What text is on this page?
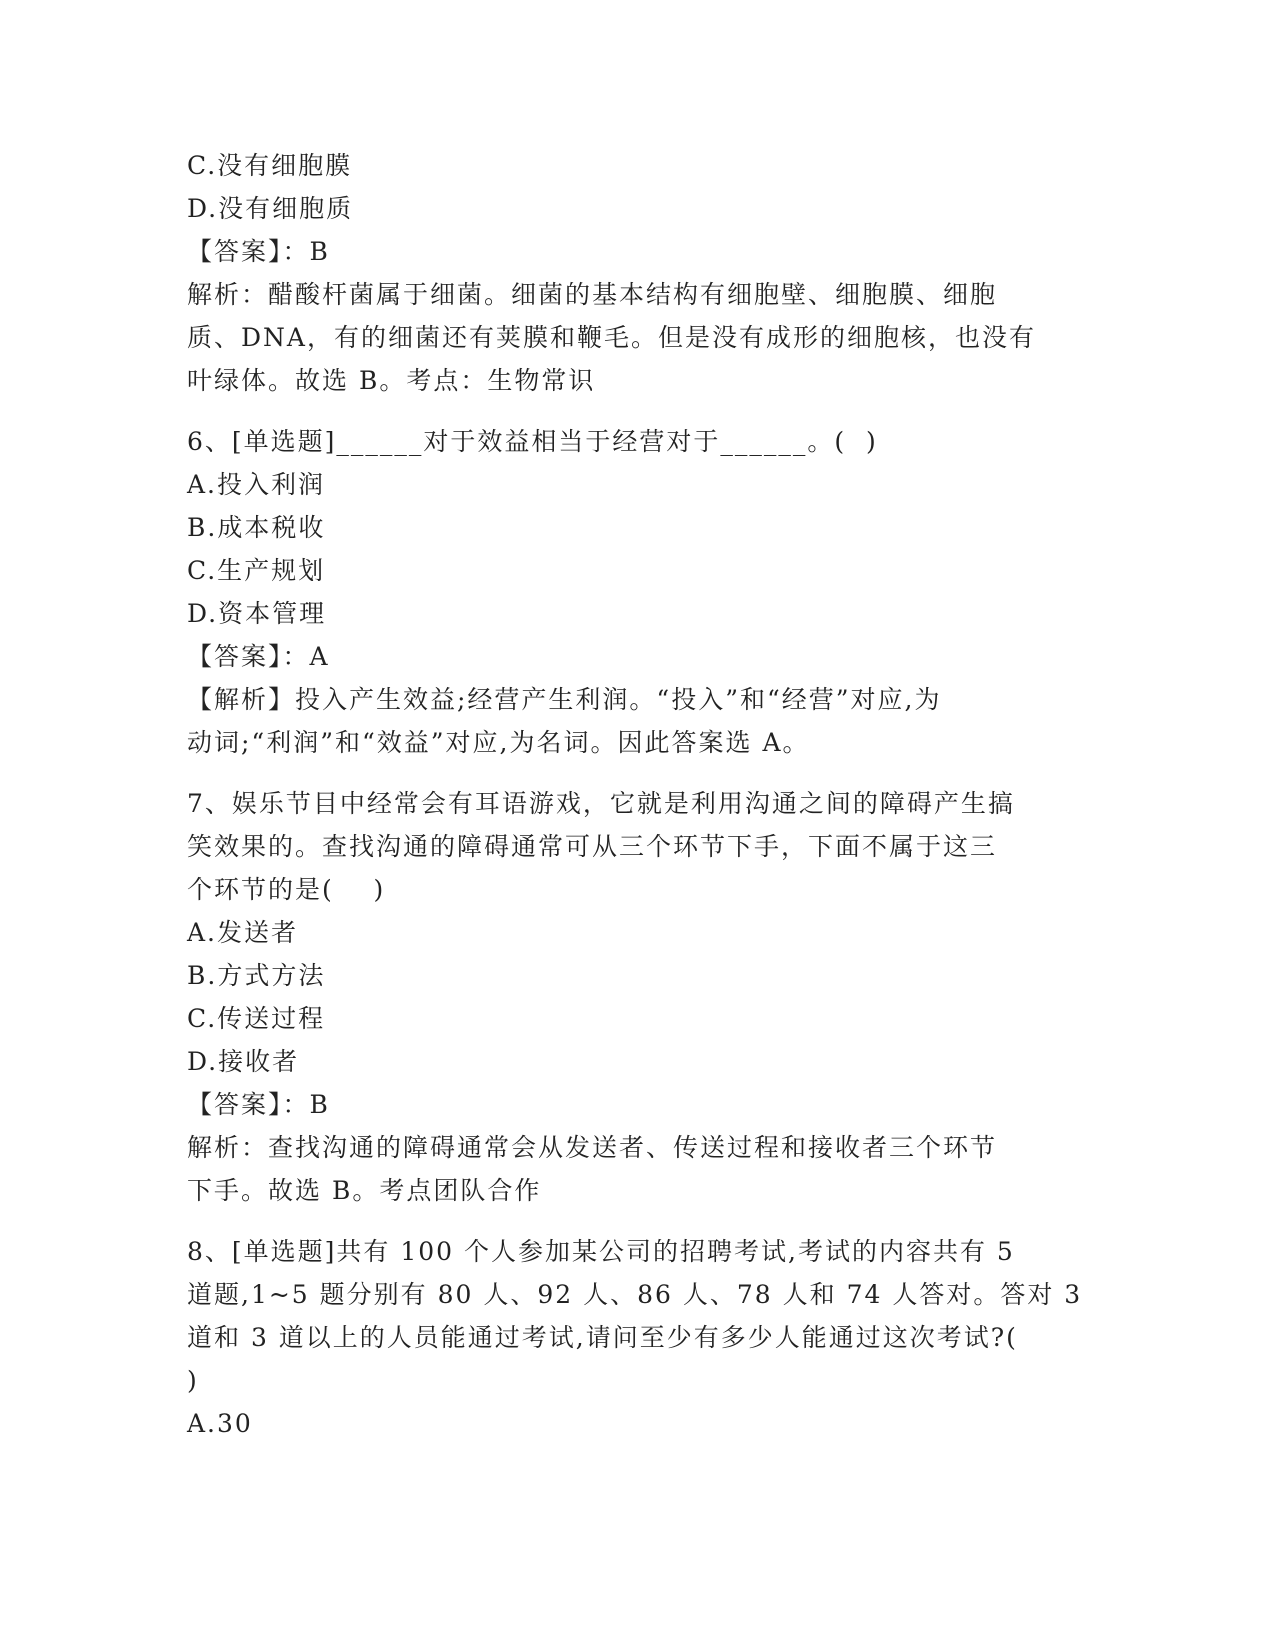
C.没有细胞膜
D.没有细胞质
【答案】：B
解析：醋酸杆菌属于细菌。细菌的基本结构有细胞壁、细胞膜、细胞
质、DNA，有的细菌还有荚膜和鞭毛。但是没有成形的细胞核，也没有
叶绿体。故选 B。考点：生物常识
6、[单选题]______对于效益相当于经营对于______。(  )
A.投入利润
B.成本税收
C.生产规划
D.资本管理
【答案】：A
【解析】投入产生效益;经营产生利润。“投入”和“经营”对应,为
动词;“利润”和“效益”对应,为名词。因此答案选 A。
7、娱乐节目中经常会有耳语游戏，它就是利用沟通之间的障碍产生搞
笑效果的。查找沟通的障碍通常可从三个环节下手，下面不属于这三
个环节的是(    )
A.发送者
B.方式方法
C.传送过程
D.接收者
【答案】：B
解析：查找沟通的障碍通常会从发送者、传送过程和接收者三个环节
下手。故选 B。考点团队合作
8、[单选题]共有 100 个人参加某公司的招聘考试,考试的内容共有 5
道题,1~5 题分别有 80 人、92 人、86 人、78 人和 74 人答对。答对 3
道和 3 道以上的人员能通过考试,请问至少有多少人能通过这次考试?(
)
A.30
